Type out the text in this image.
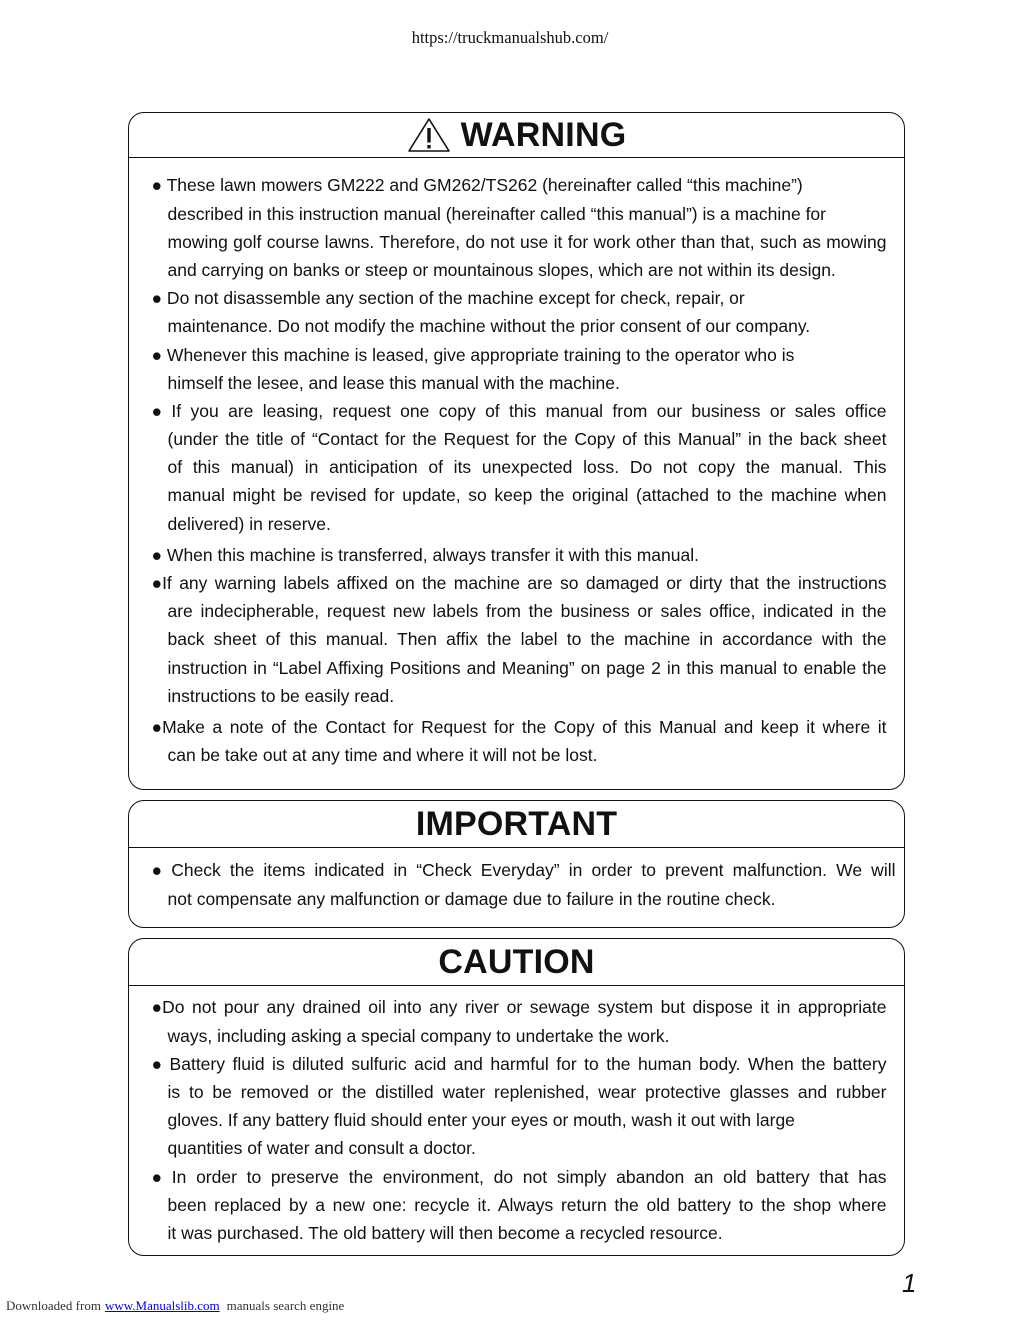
https://truckmanualshub.com/
WARNING
● These lawn mowers GM222 and GM262/TS262 (hereinafter called “this machine”)
described in this instruction manual (hereinafter called “this manual”) is a machine for
mowing golf course lawns. Therefore, do not use it for work other than that, such as mowing
and carrying on banks or steep or mountainous slopes, which are not within its design.
● Do not disassemble any section of the machine except for check, repair, or
maintenance. Do not modify the machine without the prior consent of our company.
● Whenever this machine is leased, give appropriate training to the operator who is
himself the lesee, and lease this manual with the machine.
● If you are leasing, request one copy of this manual from our business or sales office
(under the title of “Contact for the Request for the Copy of this Manual” in the back sheet
of this manual) in anticipation of its unexpected loss. Do not copy the manual. This
manual might be revised for update, so keep the original (attached to the machine when
delivered) in reserve.
● When this machine is transferred, always transfer it with this manual.
●If any warning labels affixed on the machine are so damaged or dirty that the instructions
are indecipherable, request new labels from the business or sales office, indicated in the
back sheet of this manual. Then affix the label to the machine in accordance with the
instruction in “Label Affixing Positions and Meaning” on page 2 in this manual to enable the
instructions to be easily read.
●Make a note of the Contact for Request for the Copy of this Manual and keep it where it
can be take out at any time and where it will not be lost.
IMPORTANT
● Check the items indicated in “Check Everyday” in order to prevent malfunction. We will
not compensate any malfunction or damage due to failure in the routine check.
CAUTION
●Do not pour any drained oil into any river or sewage system but dispose it in appropriate
ways, including asking a special company to undertake the work.
● Battery fluid is diluted sulfuric acid and harmful for to the human body. When the battery
is to be removed or the distilled water replenished, wear protective glasses and rubber
gloves. If any battery fluid should enter your eyes or mouth, wash it out with large
quantities of water and consult a doctor.
● In order to preserve the environment, do not simply abandon an old battery that has
been replaced by a new one: recycle it. Always return the old battery to the shop where
it was purchased. The old battery will then become a recycled resource.
1
Downloaded from www.Manualslib.com manuals search engine
